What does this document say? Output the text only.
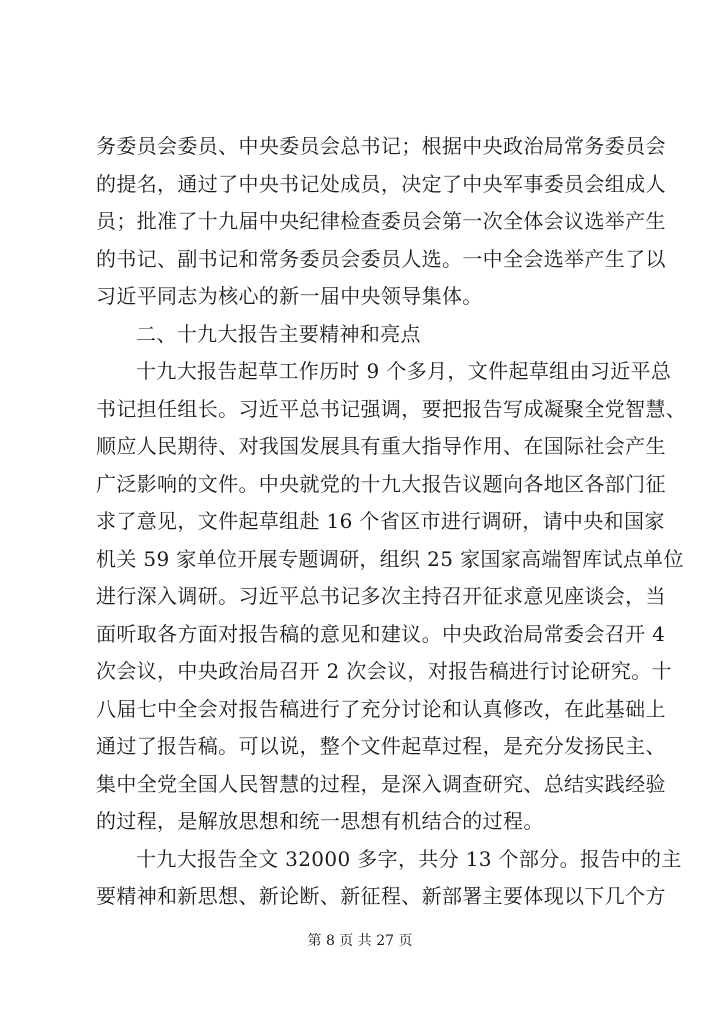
务委员会委员、中央委员会总书记；根据中央政治局常务委员会
的提名，通过了中央书记处成员，决定了中央军事委员会组成人
员；批准了十九届中央纪律检查委员会第一次全体会议选举产生
的书记、副书记和常务委员会委员人选。一中全会选举产生了以
习近平同志为核心的新一届中央领导集体。
二、十九大报告主要精神和亮点
十九大报告起草工作历时 9 个多月，文件起草组由习近平总
书记担任组长。习近平总书记强调，要把报告写成凝聚全党智慧、
顺应人民期待、对我国发展具有重大指导作用、在国际社会产生
广泛影响的文件。中央就党的十九大报告议题向各地区各部门征
求了意见，文件起草组赴 16 个省区市进行调研，请中央和国家
机关 59 家单位开展专题调研，组织 25 家国家高端智库试点单位
进行深入调研。习近平总书记多次主持召开征求意见座谈会，当
面听取各方面对报告稿的意见和建议。中央政治局常委会召开 4
次会议，中央政治局召开 2 次会议，对报告稿进行讨论研究。十
八届七中全会对报告稿进行了充分讨论和认真修改，在此基础上
通过了报告稿。可以说，整个文件起草过程，是充分发扬民主、
集中全党全国人民智慧的过程，是深入调查研究、总结实践经验
的过程，是解放思想和统一思想有机结合的过程。
十九大报告全文 32000 多字，共分 13 个部分。报告中的主
要精神和新思想、新论断、新征程、新部署主要体现以下几个方
第 8 页 共 27 页
